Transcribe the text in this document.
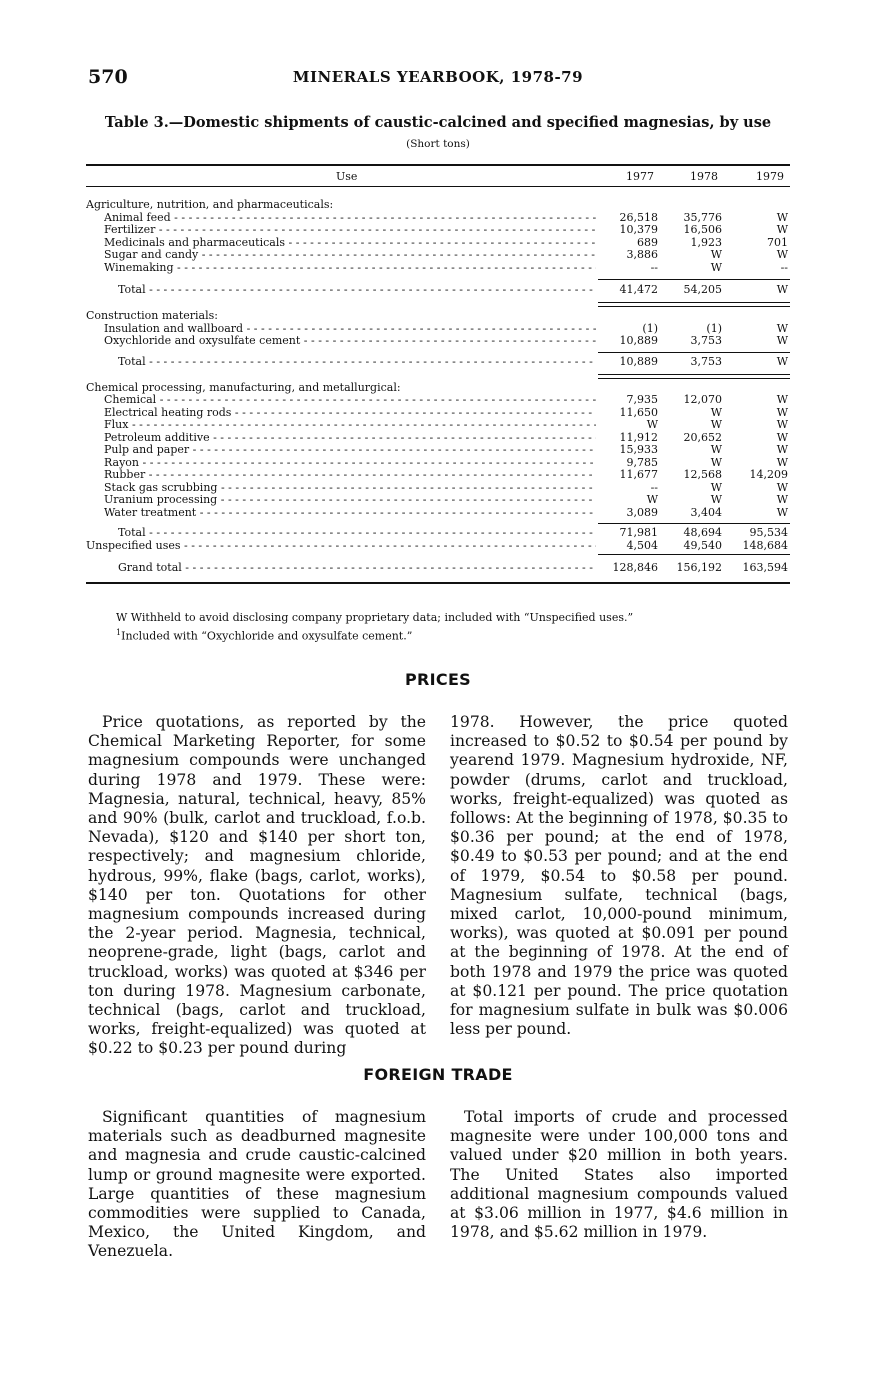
570	MINERALS YEARBOOK, 1978-79
Table 3.—Domestic shipments of caustic-calcined and specified magnesias, by use
(Short tons)
Use	1977	1978	1979
Agriculture, nutrition, and pharmaceuticals:
Animal feed - - -	26,518	35,776	W
Fertilizer - - -	10,379	16,506	W
Medicinals and pharmaceuticals - - -	689	1,923	701
Sugar and candy - - -	3,886	W	W
Winemaking - - -	--	W	--
Total - - -	41,472	54,205	W
Construction materials:
Insulation and wallboard - - -	(1)	(1)	W
Oxychloride and oxysulfate cement - - -	10,889	3,753	W
Total - - -	10,889	3,753	W
Chemical processing, manufacturing, and metallurgical:
Chemical - - -	7,935	12,070	W
Electrical heating rods - - -	11,650	W	W
Flux - - -	W	W	W
Petroleum additive - - -	11,912	20,652	W
Pulp and paper - - -	15,933	W	W
Rayon - - -	9,785	W	W
Rubber - - -	11,677	12,568	14,209
Stack gas scrubbing - - -	--	W	W
Uranium processing - - -	W	W	W
Water treatment - - -	3,089	3,404	W
Total - - -	71,981	48,694	95,534
Unspecified uses - - -	4,504	49,540	148,684
Grand total - - -	128,846	156,192	163,594
W Withheld to avoid disclosing company proprietary data; included with “Unspecified uses.”
$^1$Included with “Oxychloride and oxysulfate cement.”
PRICES

Price quotations, as reported by the Chemical Marketing Reporter, for some magnesium compounds were unchanged during 1978 and 1979. These were: Magnesia, natural, technical, heavy, 85% and 90% (bulk, carlot and truckload, f.o.b. Nevada), $120 and $140 per short ton, respectively; and magnesium chloride, hydrous, 99%, flake (bags, carlot, works), $140 per ton. Quotations for other magnesium compounds increased during the 2-year period. Magnesia, technical, neoprene-grade, light (bags, carlot and truckload, works) was quoted at $346 per ton during 1978. Magnesium carbonate, technical (bags, carlot and truckload, works, freight-equalized) was quoted at $0.22 to $0.23 per pound during

1978. However, the price quoted increased to $0.52 to $0.54 per pound by yearend 1979. Magnesium hydroxide, NF, powder (drums, carlot and truckload, works, freight-equalized) was quoted as follows: At the beginning of 1978, $0.35 to $0.36 per pound; at the end of 1978, $0.49 to $0.53 per pound; and at the end of 1979, $0.54 to $0.58 per pound. Magnesium sulfate, technical (bags, mixed carlot, 10,000-pound minimum, works), was quoted at $0.091 per pound at the beginning of 1978. At the end of both 1978 and 1979 the price was quoted at $0.121 per pound. The price quotation for magnesium sulfate in bulk was $0.006 less per pound.

FOREIGN TRADE

Significant quantities of magnesium materials such as deadburned magnesite and magnesia and crude caustic-calcined lump or ground magnesite were exported. Large quantities of these magnesium commodities were supplied to Canada, Mexico, the United Kingdom, and Venezuela.

Total imports of crude and processed magnesite were under 100,000 tons and valued under $20 million in both years. The United States also imported additional magnesium compounds valued at $3.06 million in 1977, $4.6 million in 1978, and $5.62 million in 1979.
